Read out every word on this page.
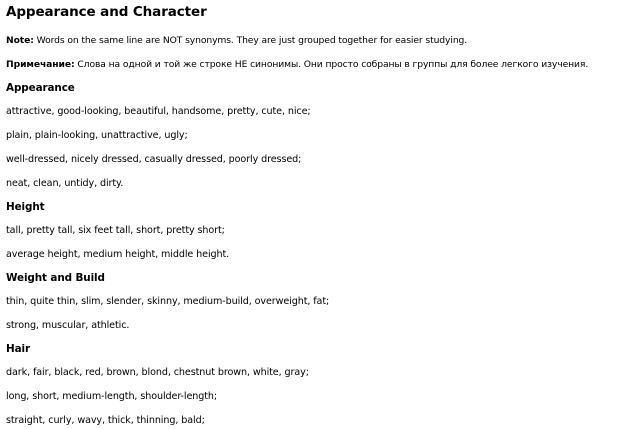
Appearance and Character
Note: Words on the same line are NOT synonyms. They are just grouped together for easier studying.
Примечание: Слова на одной и той же строке НЕ синонимы. Они просто собраны в группы для более легкого изучения.
Appearance
attractive, good-looking, beautiful, handsome, pretty, cute, nice;
plain, plain-looking, unattractive, ugly;
well-dressed, nicely dressed, casually dressed, poorly dressed;
neat, clean, untidy, dirty.
Height
tall, pretty tall, six feet tall, short, pretty short;
average height, medium height, middle height.
Weight and Build
thin, quite thin, slim, slender, skinny, medium-build, overweight, fat;
strong, muscular, athletic.
Hair
dark, fair, black, red, brown, blond, chestnut brown, white, gray;
long, short, medium-length, shoulder-length;
straight, curly, wavy, thick, thinning, bald;
